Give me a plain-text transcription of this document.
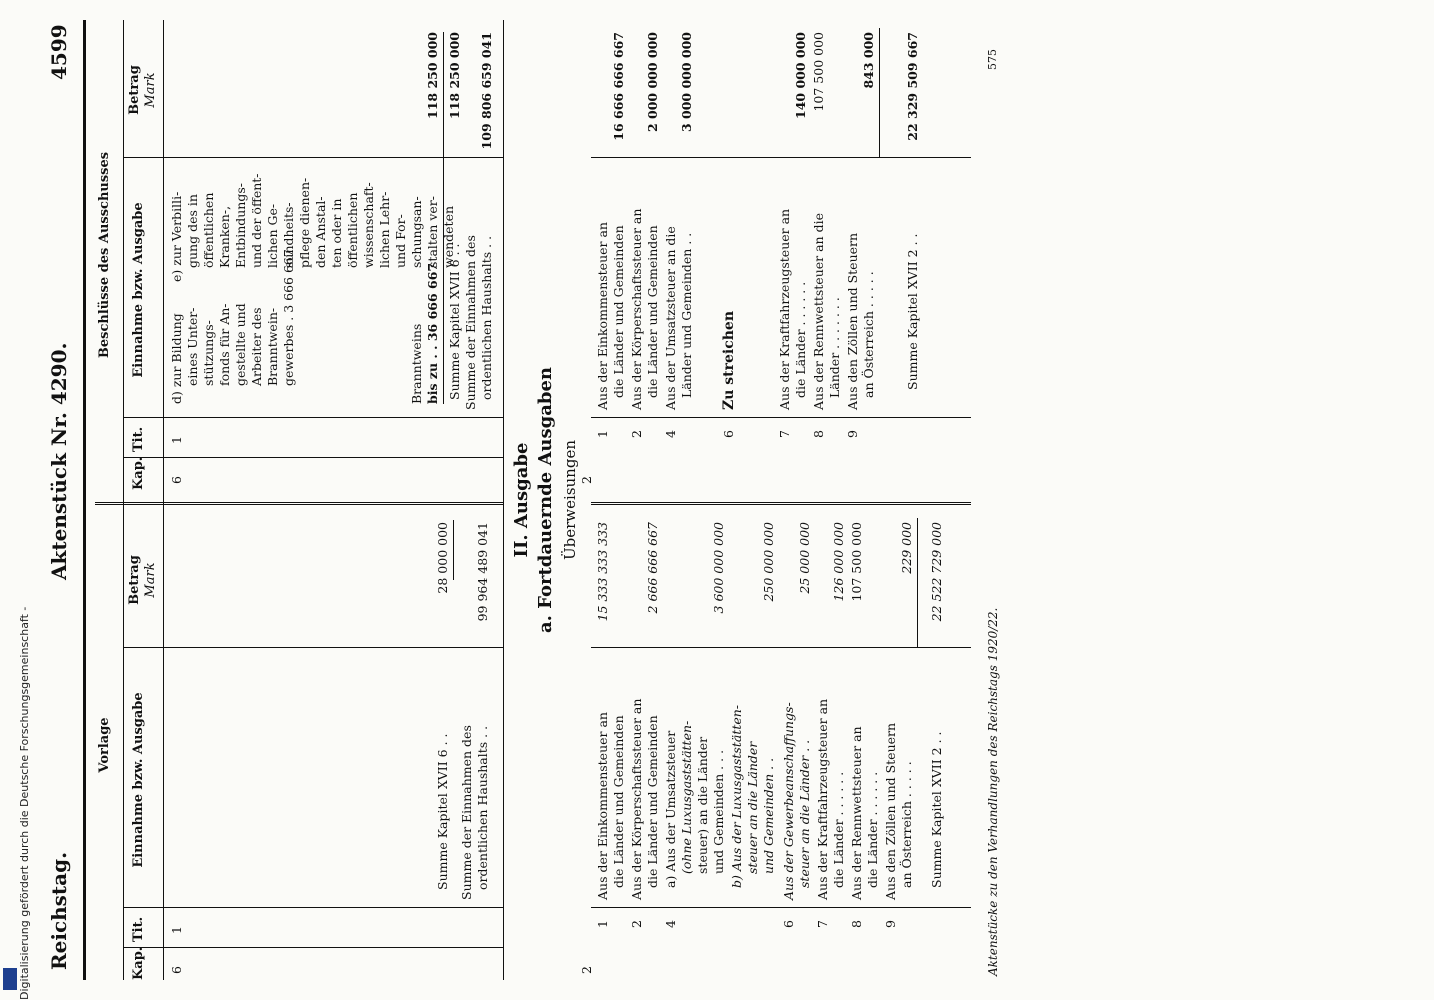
Digitalisierung gefördert durch die Deutsche Forschungsgemeinschaft - Reichstag.
Aktenstück Nr. 4290.
4599
Vorlage
Beschlüsse des Ausschusses
Kap.
Tit.
Einnahme bzw. Ausgabe
Betrag Mark
Kap.
Tit.
Einnahme bzw. Ausgabe
Betrag Mark
6
1
Summe Kapitel XVII 6 . .
28 000 000
Summe der Einnahmen des ordentlichen Haushalts . .
99 964 489 041
6
1
d) zur Bildung eines Unter- stützungs- fonds für An- gestellte und Arbeiter des Branntwein- gewerbes . 3 666 667
e) zur Verbilli- gung des in öffentlichen Kranken-, Entbindungs- und der öffent- lichen Ge- sundheits- pflege dienen- den Anstal- ten oder in öffentlichen wissenschaft- lichen Lehr- und For- schungsan- stalten ver- wendeten
Branntweins bis zu . . 36 666 667
118 250 000
Summe Kapitel XVII 6 . .
118 250 000
Summe der Einnahmen des ordentlichen Haushalts . .
109 806 659 041
II. Ausgabe a. Fortdauernde Ausgaben Überweisungen
2
2
1
Aus der Einkommensteuer an die Länder und Gemeinden
15 333 333 333
2
Aus der Körperschaftssteuer an die Länder und Gemeinden
2 666 666 667
4
a) Aus der Umsatzsteuer (ohne Luxusgaststätten- steuer) an die Länder und Gemeinden . . .
3 600 000 000
b) Aus der Luxusgaststätten- steuer an die Länder und Gemeinden . .
250 000 000
6
Aus der Gewerbeanschaffungs- steuer an die Länder . .
25 000 000
7
Aus der Kraftfahrzeugsteuer an die Länder . . . . . .
126 000 000
8
Aus der Rennwettsteuer an die Länder . . . . . .
107 500 000
9
Aus den Zöllen und Steuern an Österreich . . . . .
229 000
Summe Kapitel XVII 2 . .
22 522 729 000
1
Aus der Einkommensteuer an die Länder und Gemeinden
16 666 666 667
2
Aus der Körperschaftssteuer an die Länder und Gemeinden
2 000 000 000
4
Aus der Umsatzsteuer an die Länder und Gemeinden . .
3 000 000 000
6
Zu streichen
7
Aus der Kraftfahrzeugsteuer an die Länder . . . . . .
140 000 000
8
Aus der Rennwettsteuer an die Länder . . . . . . .
107 500 000
9
Aus den Zöllen und Steuern an Österreich . . . . .
843 000
Summe Kapitel XVII 2 . .
22 329 509 667
Aktenstücke zu den Verhandlungen des Reichstags 1920/22.
575
